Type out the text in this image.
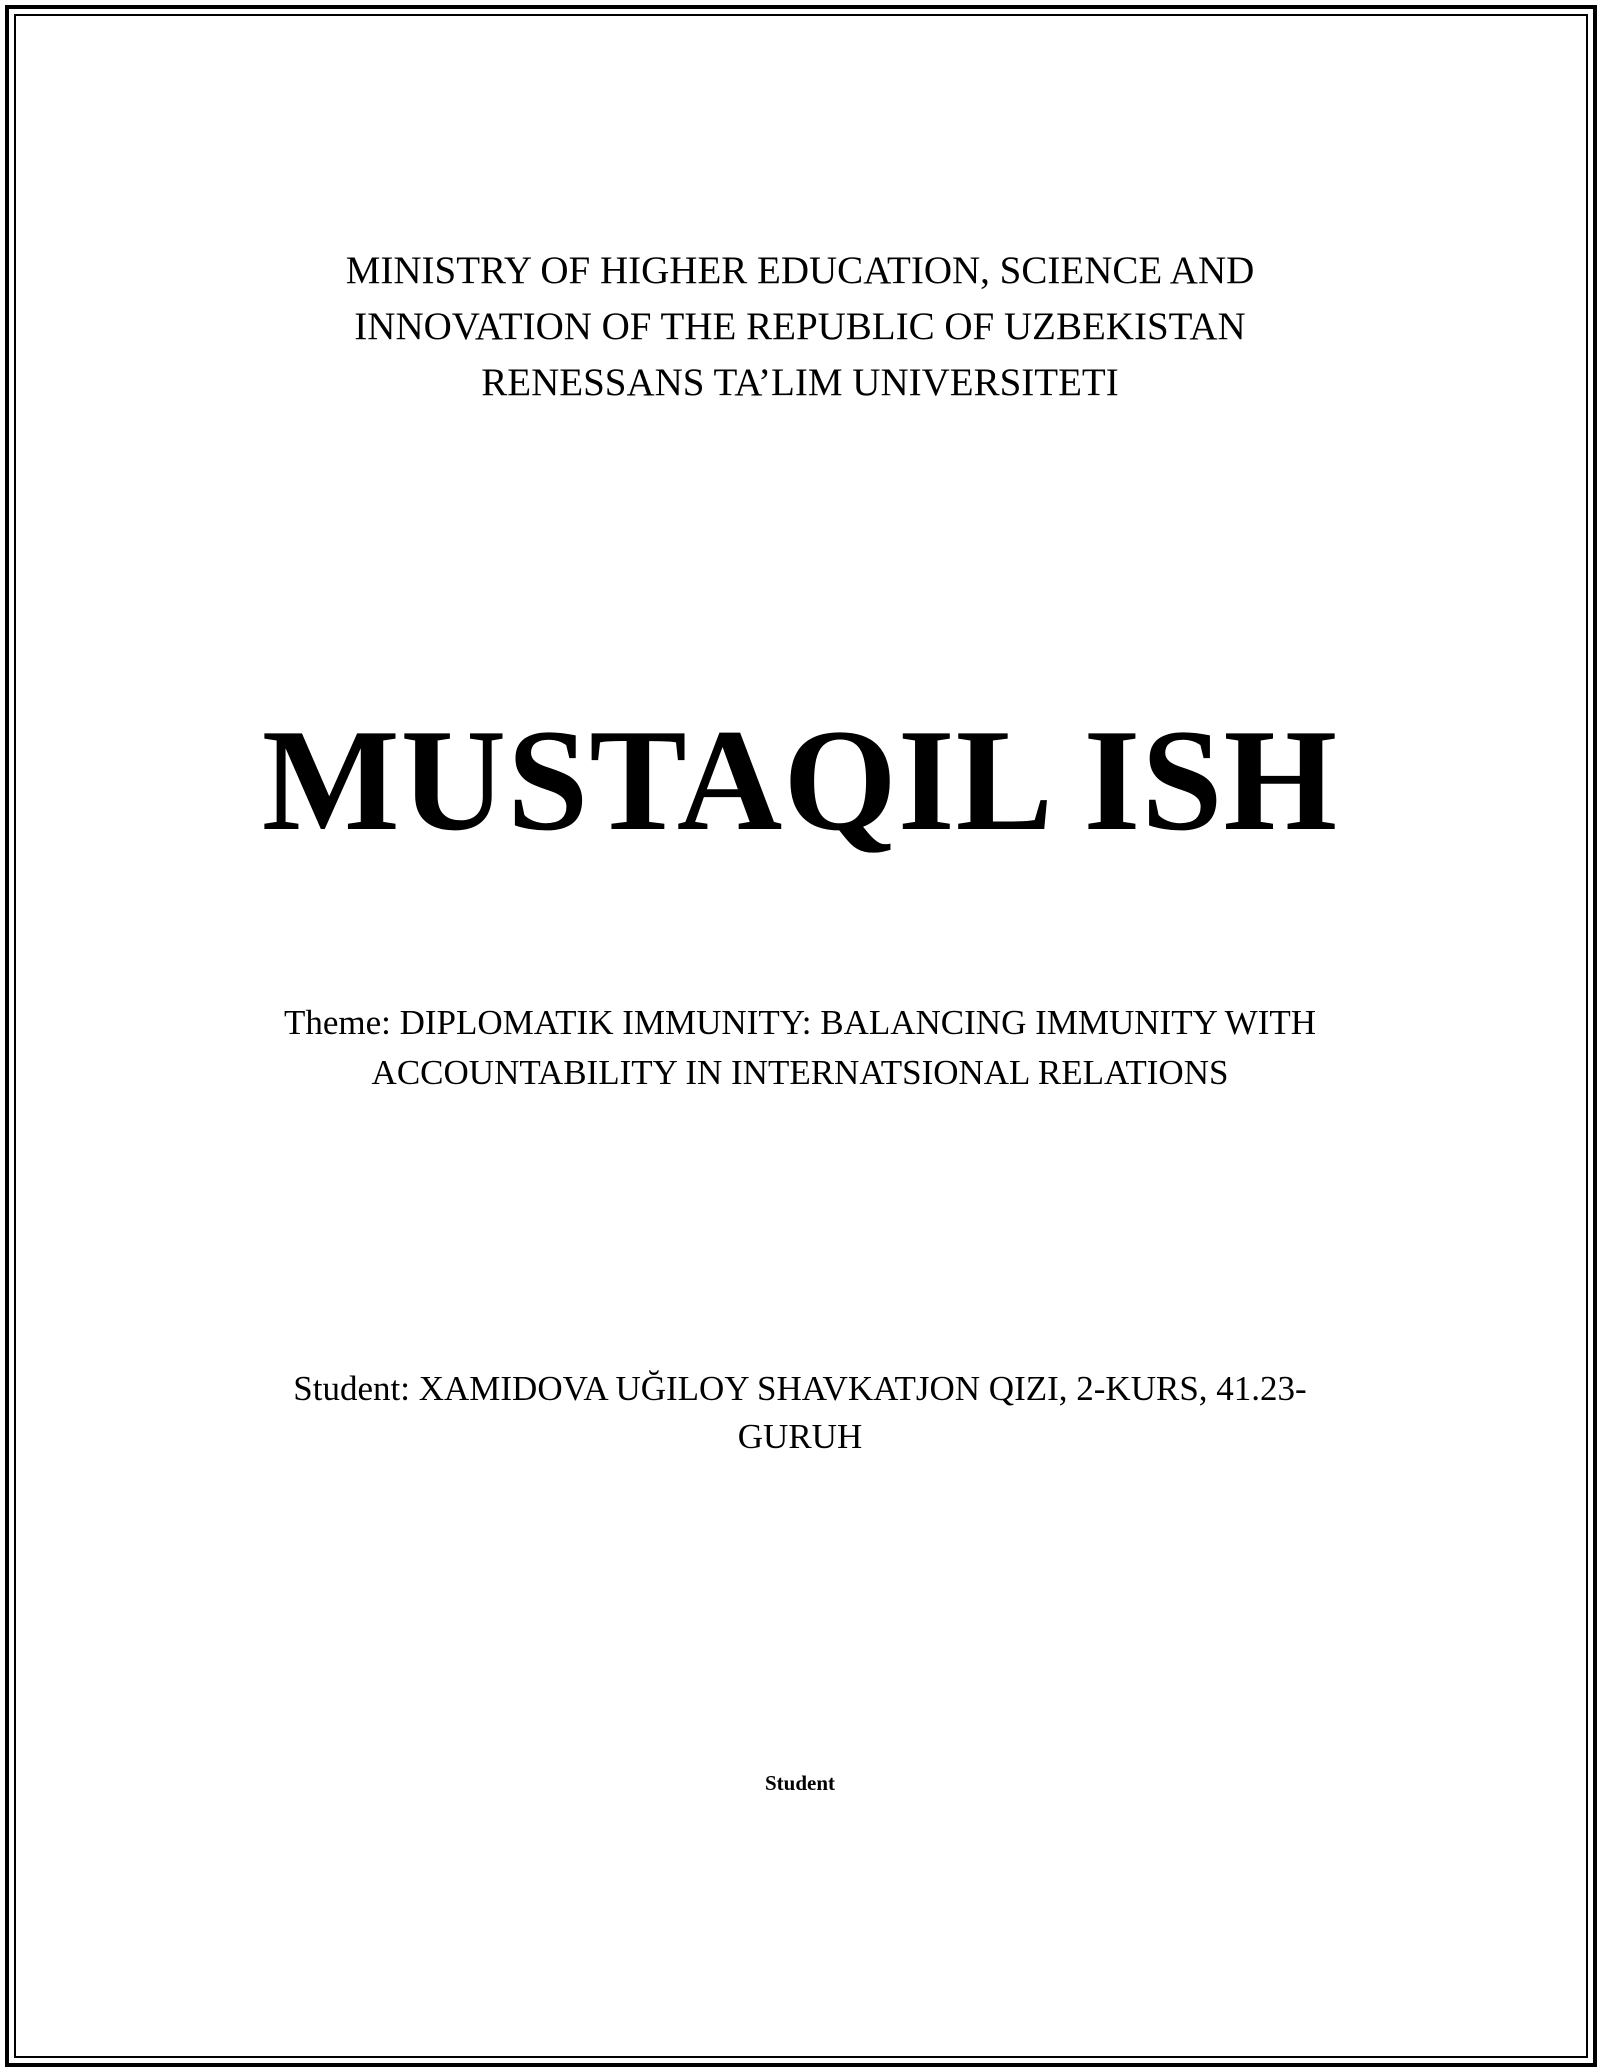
MINISTRY OF HIGHER EDUCATION, SCIENCE AND
INNOVATION OF THE REPUBLIC OF UZBEKISTAN
RENESSANS TA’LIM UNIVERSITETI
MUSTAQIL ISH
Theme: DIPLOMATIK IMMUNITY: BALANCING IMMUNITY WITH
ACCOUNTABILITY IN INTERNATSIONAL RELATIONS
Student: XAMIDOVA UĞILOY SHAVKATJON QIZI, 2-KURS, 41.23-
GURUH
Student
